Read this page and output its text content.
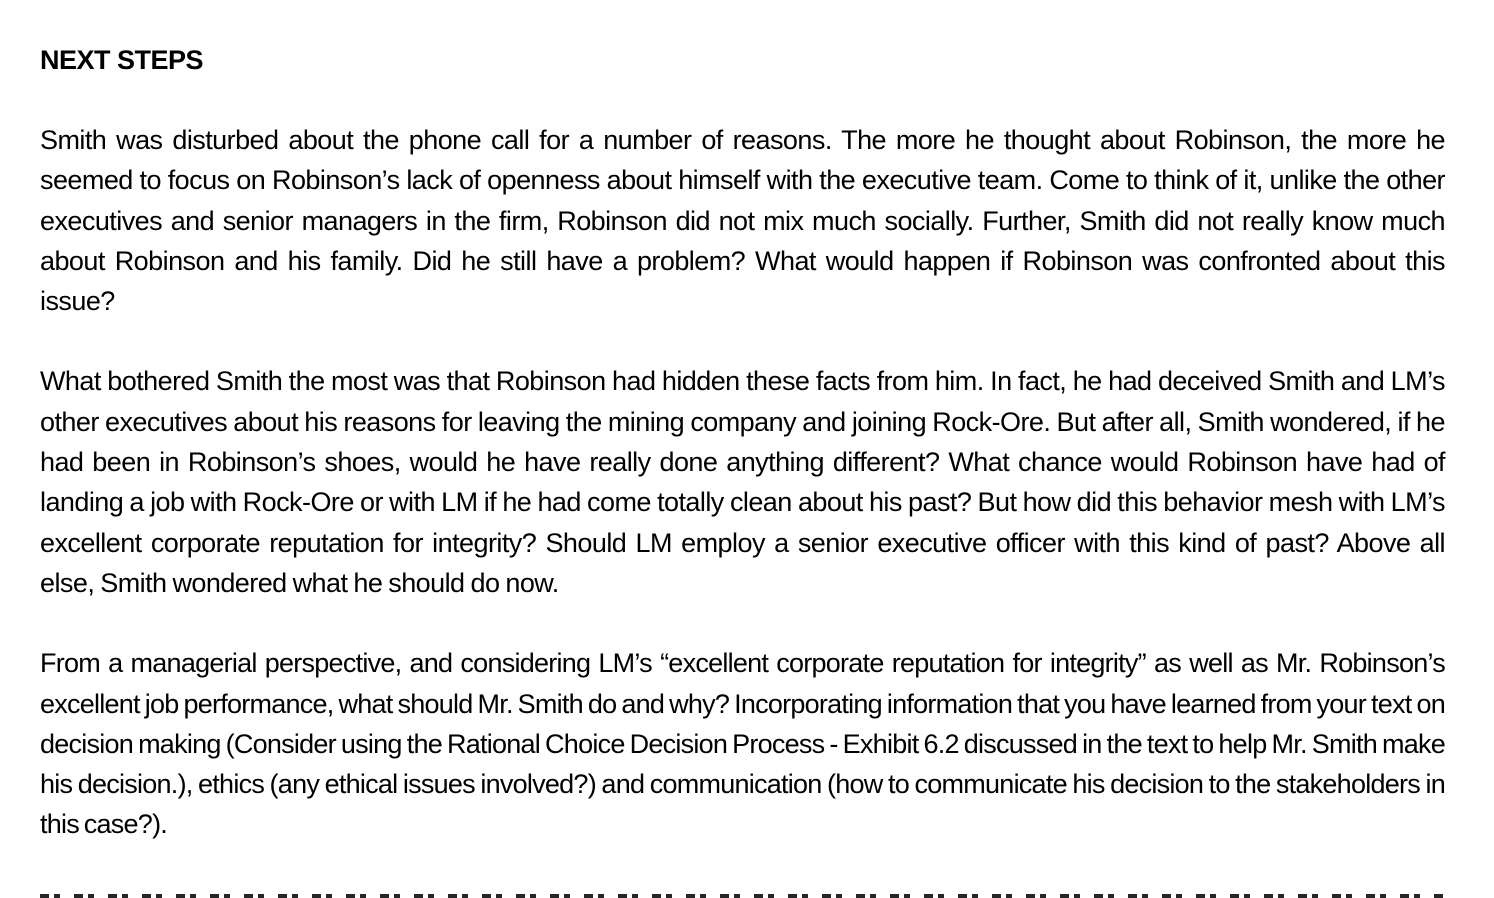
NEXT STEPS

Smith was disturbed about the phone call for a number of reasons. The more he thought about Robinson, the more he seemed to focus on Robinson’s lack of openness about himself with the executive team. Come to think of it, unlike the other executives and senior managers in the firm, Robinson did not mix much socially. Further, Smith did not really know much about Robinson and his family. Did he still have a problem? What would happen if Robinson was confronted about this issue?

What bothered Smith the most was that Robinson had hidden these facts from him. In fact, he had deceived Smith and LM’s other executives about his reasons for leaving the mining company and joining Rock-Ore. But after all, Smith wondered, if he had been in Robinson’s shoes, would he have really done anything different? What chance would Robinson have had of landing a job with Rock-Ore or with LM if he had come totally clean about his past? But how did this behavior mesh with LM’s excellent corporate reputation for integrity? Should LM employ a senior executive officer with this kind of past? Above all else, Smith wondered what he should do now.

From a managerial perspective, and considering LM’s “excellent corporate reputation for integrity” as well as Mr. Robinson’s excellent job performance, what should Mr. Smith do and why? Incorporating information that you have learned from your text on decision making (Consider using the Rational Choice Decision Process - Exhibit 6.2 discussed in the text to help Mr. Smith make his decision.), ethics (any ethical issues involved?) and communication (how to communicate his decision to the stakeholders in this case?).
